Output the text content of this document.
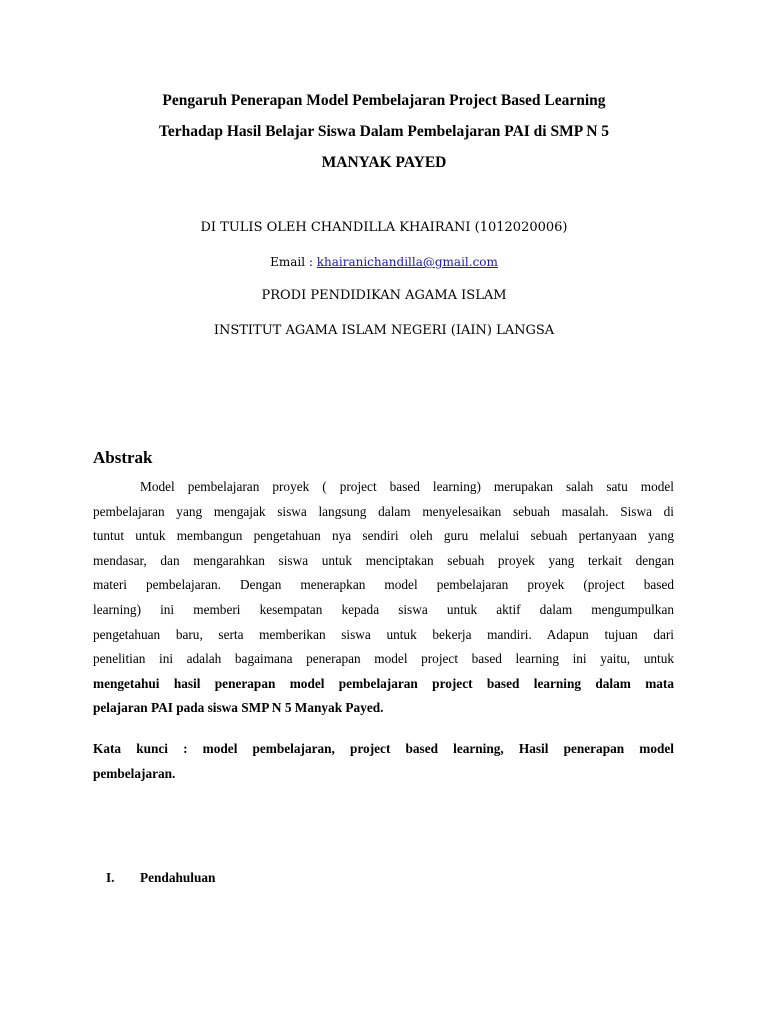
Pengaruh Penerapan Model Pembelajaran Project Based Learning
Terhadap Hasil Belajar Siswa Dalam Pembelajaran PAI di SMP N 5
MANYAK PAYED
DI TULIS OLEH CHANDILLA KHAIRANI (1012020006)
Email : khairanichandilla@gmail.com
PRODI PENDIDIKAN AGAMA ISLAM
INSTITUT AGAMA ISLAM NEGERI (IAIN) LANGSA
Abstrak
Model pembelajaran proyek ( project based learning) merupakan salah satu model
pembelajaran yang mengajak siswa langsung dalam menyelesaikan sebuah masalah. Siswa di
tuntut untuk membangun pengetahuan nya sendiri oleh guru melalui sebuah pertanyaan yang
mendasar, dan mengarahkan siswa untuk menciptakan sebuah proyek yang terkait dengan
materi pembelajaran. Dengan menerapkan model pembelajaran proyek (project based
learning) ini memberi kesempatan kepada siswa untuk aktif dalam mengumpulkan
pengetahuan baru, serta memberikan siswa untuk bekerja mandiri. Adapun tujuan dari
penelitian ini adalah bagaimana penerapan model project based learning ini yaitu, untuk
mengetahui hasil penerapan model pembelajaran project based learning dalam mata
pelajaran PAI pada siswa SMP N 5 Manyak Payed.
Kata kunci : model pembelajaran, project based learning, Hasil penerapan model
pembelajaran.
I. Pendahuluan
